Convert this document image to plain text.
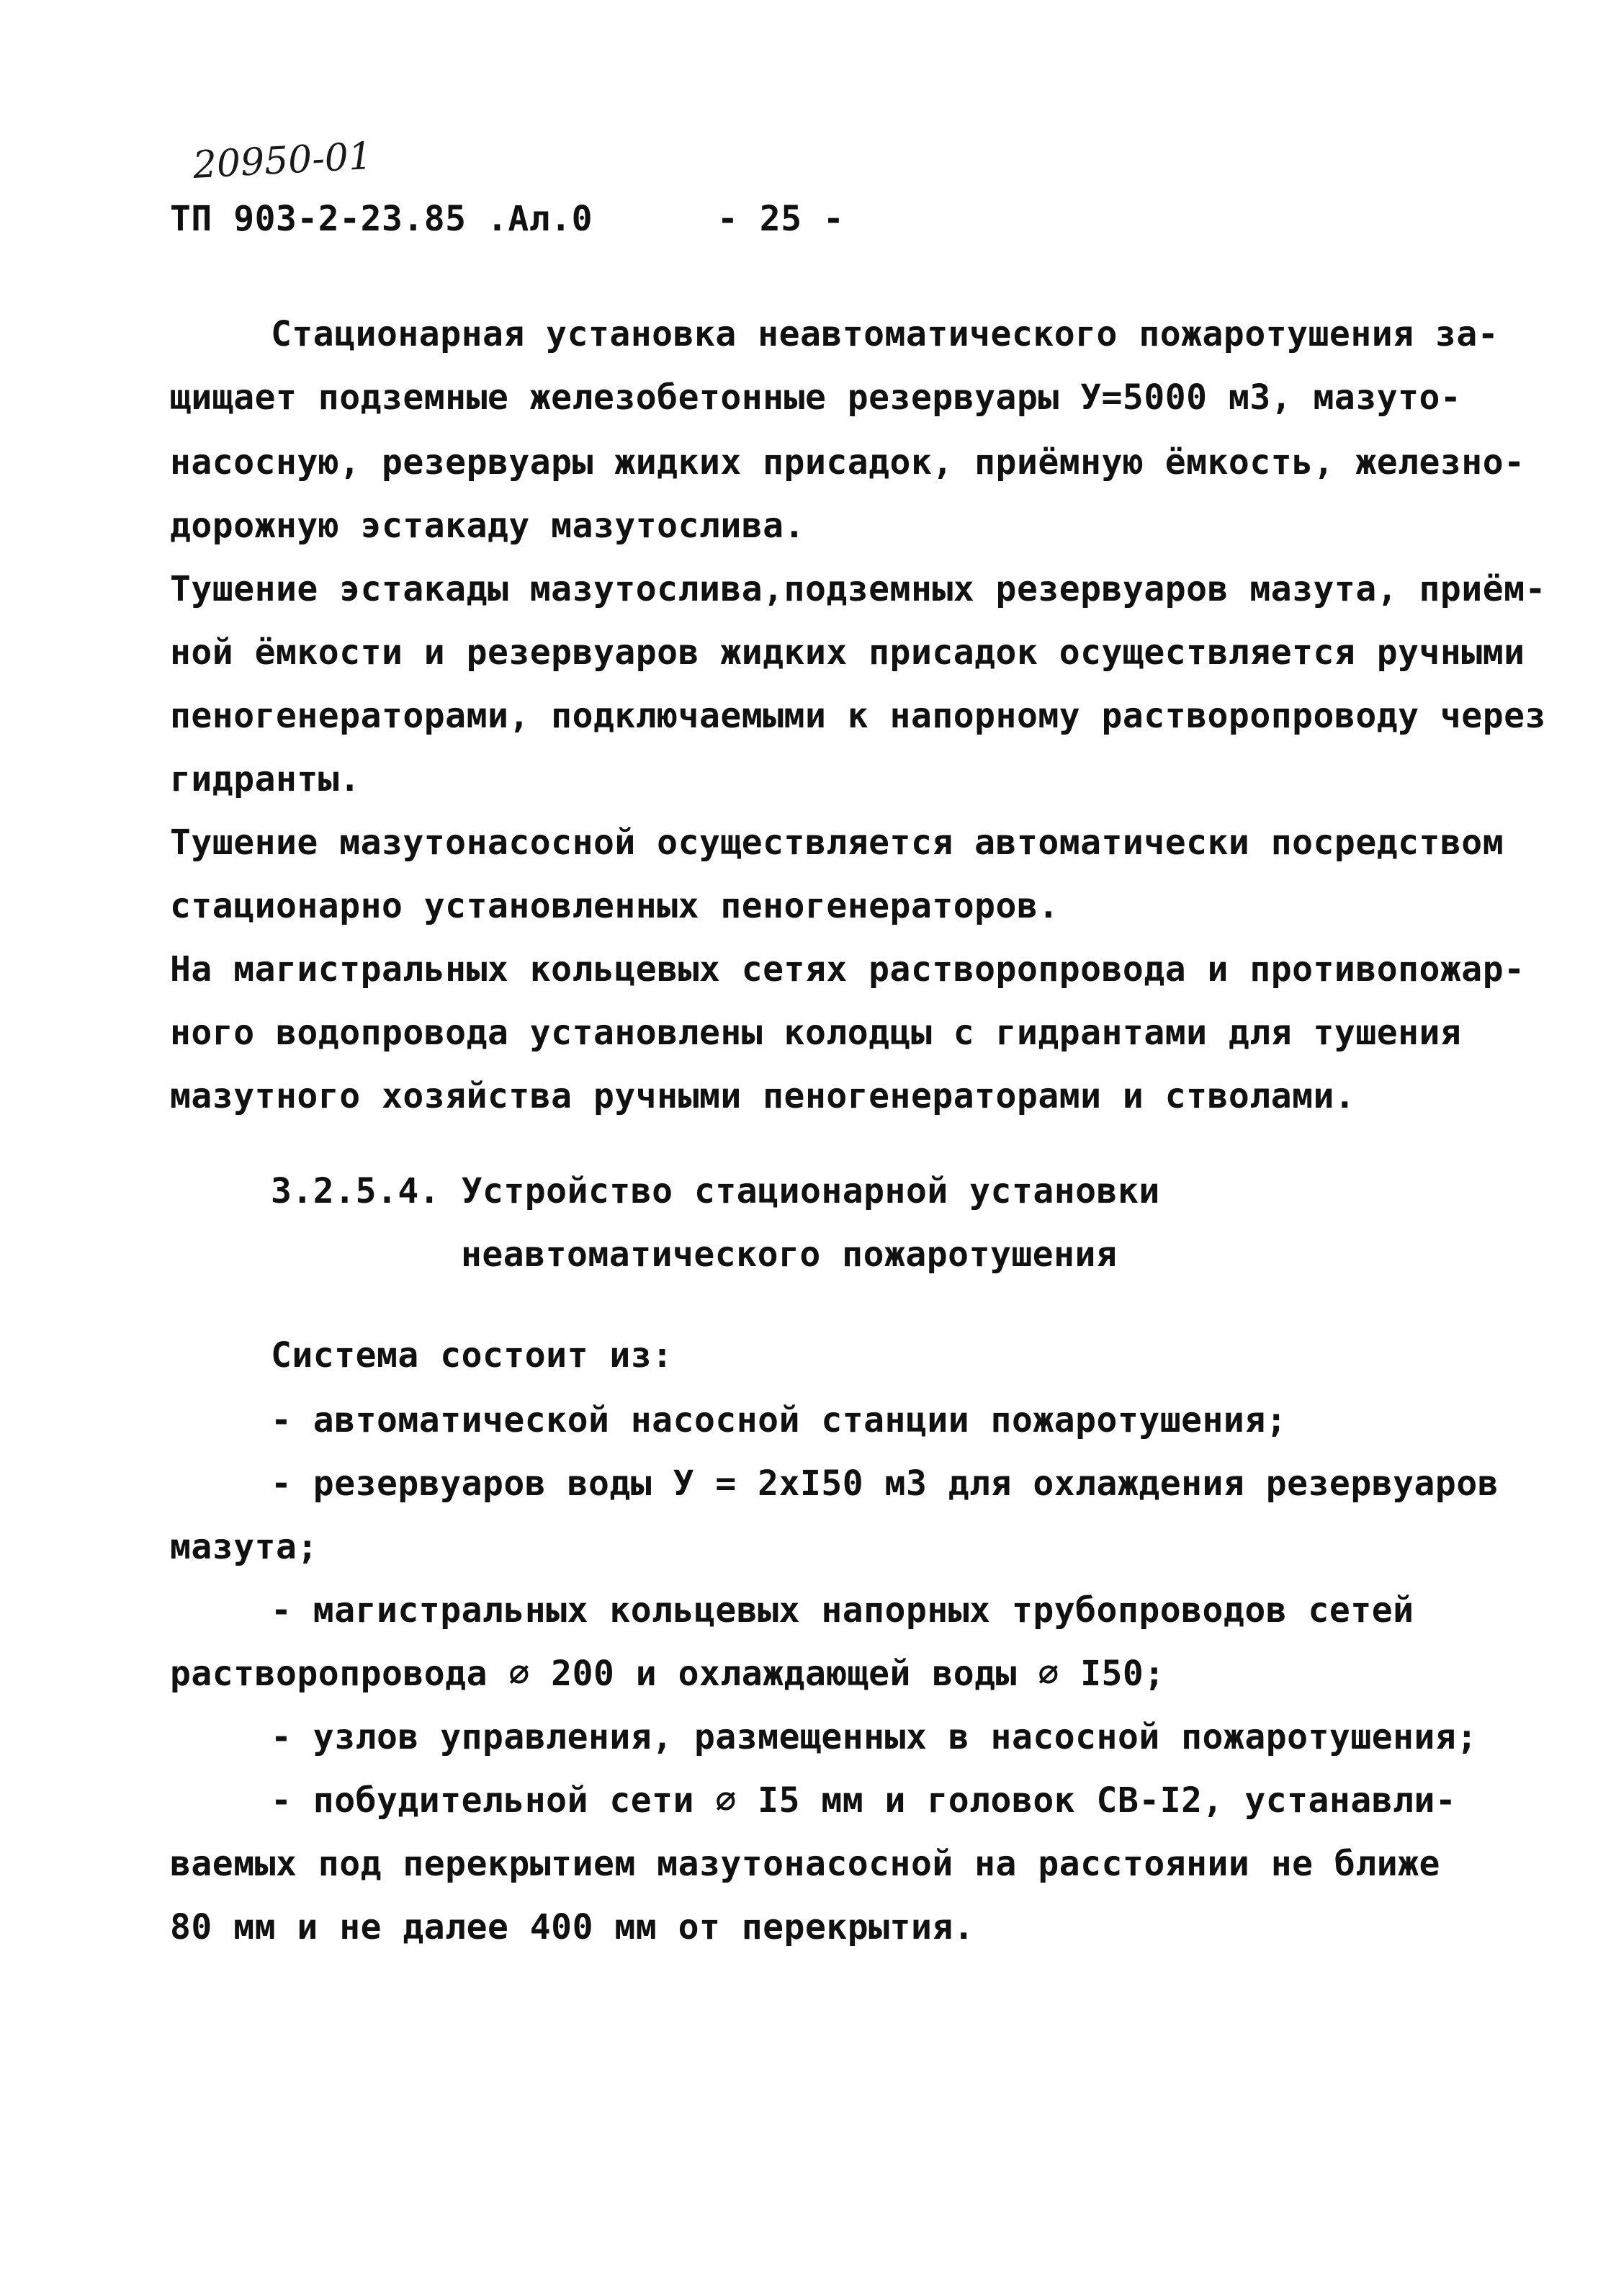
20950-01
ТП 903-2-23.85 .Ал.0	- 25 -
Стационарная установка неавтоматического пожаротушения за-
щищает подземные железобетонные резервуары У=5000 м3, мазуто-
насосную, резервуары жидких присадок, приёмную ёмкость, железно-
дорожную эстакаду мазутослива.
Тушение эстакады мазутослива,подземных резервуаров мазута, приём-
ной ёмкости и резервуаров жидких присадок осуществляется ручными
пеногенераторами, подключаемыми к напорному растворопроводу через
гидранты.
Тушение мазутонасосной осуществляется автоматически посредством
стационарно установленных пеногенераторов.
На магистральных кольцевых сетях растворопровода и противопожар-
ного водопровода установлены колодцы с гидрантами для тушения
мазутного хозяйства ручными пеногенераторами и стволами.
3.2.5.4. Устройство стационарной установки
неавтоматического пожаротушения
Система состоит из:
- автоматической насосной станции пожаротушения;
- резервуаров воды У = 2хI50 м3 для охлаждения резервуаров
мазута;
- магистральных кольцевых напорных трубопроводов сетей
растворопровода ∅ 200 и охлаждающей воды ∅ I50;
- узлов управления, размещенных в насосной пожаротушения;
- побудительной сети ∅ I5 мм и головок СВ-I2, устанавли-
ваемых под перекрытием мазутонасосной на расстоянии не ближе
80 мм и не далее 400 мм от перекрытия.
